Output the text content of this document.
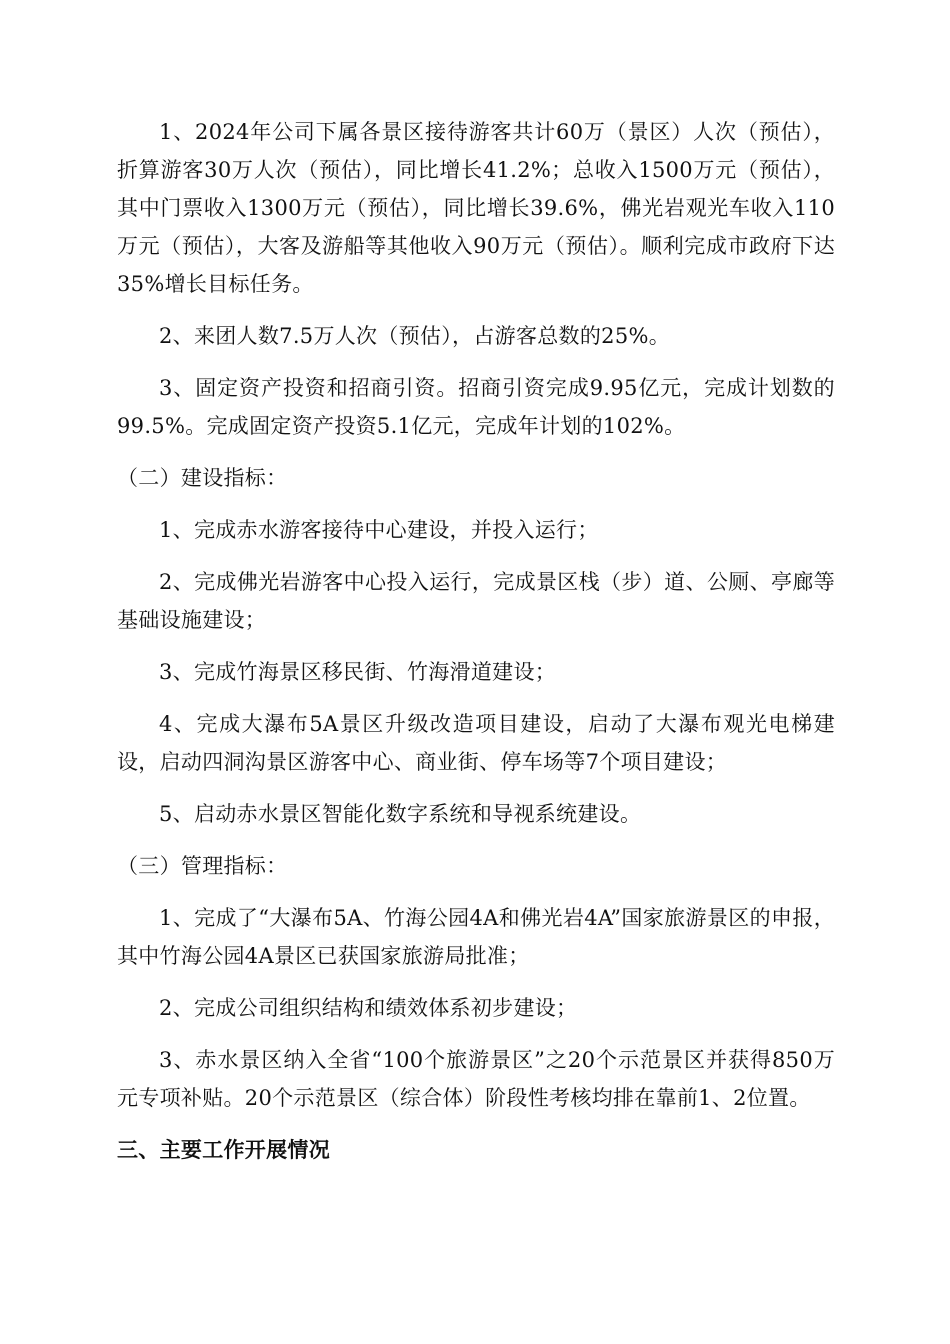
1、2024年公司下属各景区接待游客共计60万（景区）人次（预估），折算游客30万人次（预估），同比增长41.2%；总收入1500万元（预估），其中门票收入1300万元（预估），同比增长39.6%，佛光岩观光车收入110万元（预估），大客及游船等其他收入90万元（预估）。顺利完成市政府下达35%增长目标任务。

2、来团人数7.5万人次（预估），占游客总数的25%。

3、固定资产投资和招商引资。招商引资完成9.95亿元，完成计划数的99.5%。完成固定资产投资5.1亿元，完成年计划的102%。

（二）建设指标：

1、完成赤水游客接待中心建设，并投入运行；

2、完成佛光岩游客中心投入运行，完成景区栈（步）道、公厕、亭廊等基础设施建设；

3、完成竹海景区移民街、竹海滑道建设；

4、完成大瀑布5A景区升级改造项目建设，启动了大瀑布观光电梯建设，启动四洞沟景区游客中心、商业街、停车场等7个项目建设；

5、启动赤水景区智能化数字系统和导视系统建设。

（三）管理指标：

1、完成了“大瀑布5A、竹海公园4A和佛光岩4A”国家旅游景区的申报，其中竹海公园4A景区已获国家旅游局批准；

2、完成公司组织结构和绩效体系初步建设；

3、赤水景区纳入全省“100个旅游景区”之20个示范景区并获得850万元专项补贴。20个示范景区（综合体）阶段性考核均排在靠前1、2位置。

三、主要工作开展情况
